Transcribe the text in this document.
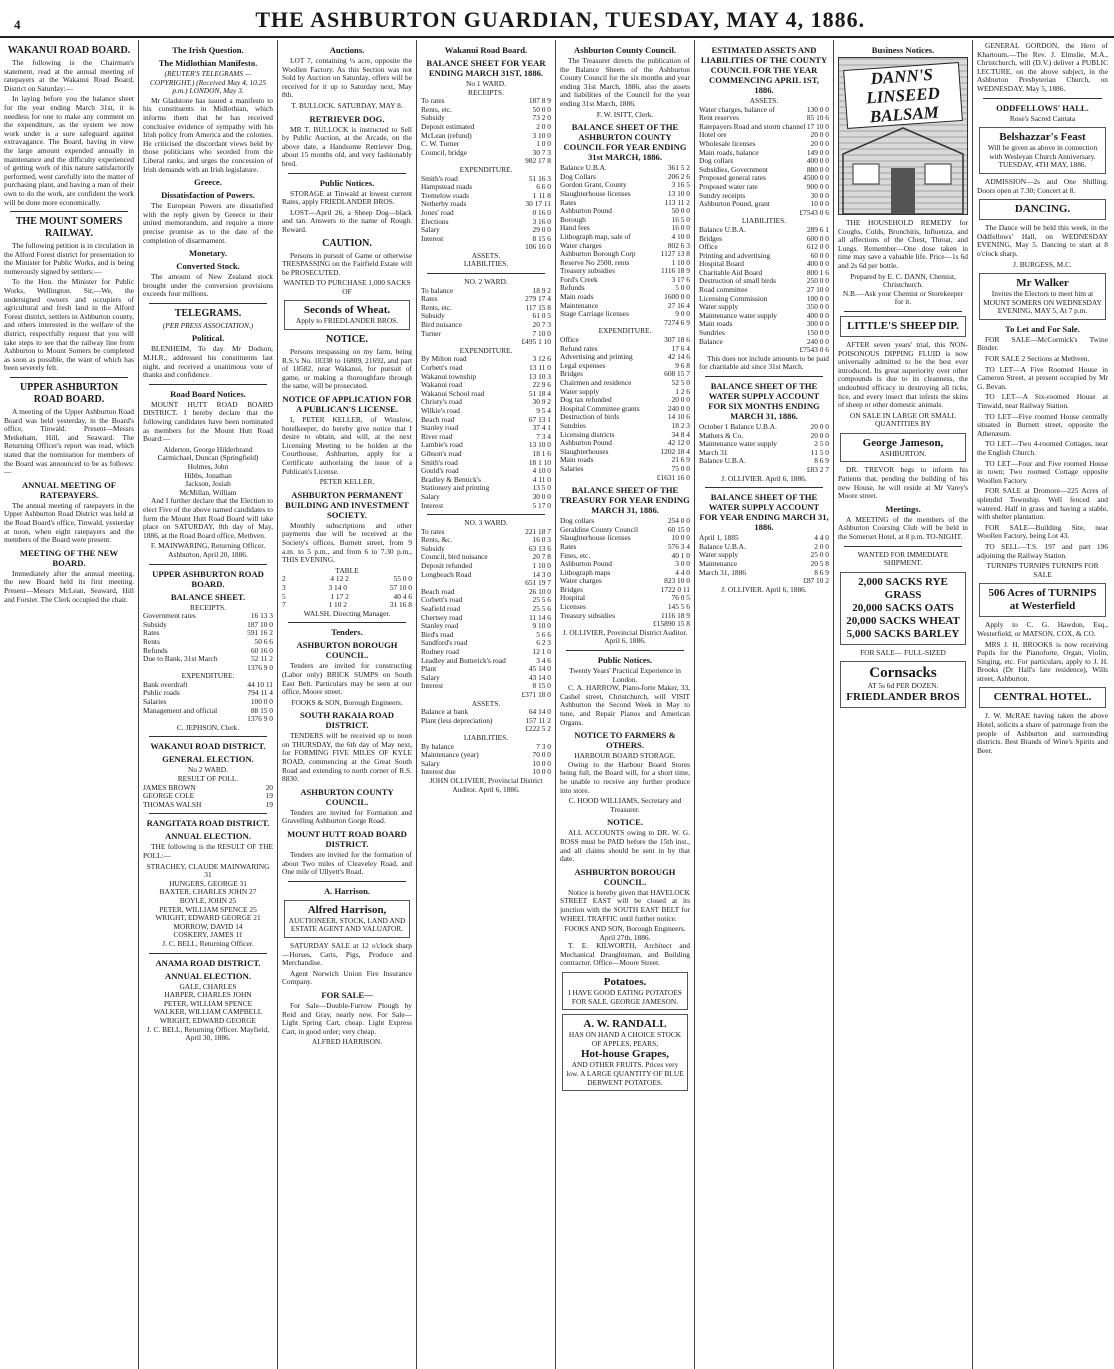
4	THE ASHBURTON GUARDIAN, TUESDAY, MAY 4, 1886.
WAKANUI ROAD BOARD.

The following is the Chairman's statement, read at the annual meeting of ratepayers at the Wakanui Road Board, District on Saturday:—

In laying before you the balance sheet for the year ending March 31st, it is needless for one to make any comment on the expenditure, as the system we now work under is a sure safeguard against extravagance. The Board, having in view the large amount expended annually in maintenance and the difficulty experienced of getting work of this nature satisfactorily performed, went carefully into the matter of purchasing plant, and having a man of their own to do the work, are confident the work will be done more economically.

THE MOUNT SOMERS RAILWAY.

The following petition is in circulation in the Alford Forest district for presentation to the Minister for Public Works, and is being numerously signed by settlers:—

To the Hon. the Minister for Public Works, Wellington. Sir,—We, the undersigned owners and occupiers of agricultural and fresh land in the Alford Forest district, settlers in Ashburton county, and others interested in the welfare of the district, respectfully request that you will take steps to see that the railway line from Ashburton to Mount Somers be completed as soon as possible, the want of which has been severely felt.

UPPER ASHBURTON ROAD BOARD.

A meeting of the Upper Ashburton Road Board was held yesterday, in the Board's office, Tinwald. Present—Messrs Meikeham, Hill, and Seaward. The Returning Officer's report was read, which stated that the nomination for members of the Board was announced to be as follows:—

ANNUAL MEETING OF RATEPAYERS.

The annual meeting of ratepayers in the Upper Ashburton Road District was held at the Road Board's office, Tinwald, yesterday at noon, when eight ratepayers and the members of the Board were present.

MEETING OF THE NEW BOARD.

Immediately after the annual meeting, the new Board held its first meeting. Present—Messrs McLean, Seaward, Hill and Forster. The Clerk occupied the chair.

The Irish Question.
The Midlothian Manifesto.
(REUTER'S TELEGRAMS — COPYRIGHT.) (Received May 4, 10.25 p.m.) LONDON, May 3.

Mr Gladstone has issued a manifesto to his constituents in Midlothian, which informs them that he has received conclusive evidence of sympathy with his Irish policy from America and the colonies. He criticised the discordant views held by those politicians who seceded from the Liberal ranks, and urges the concession of Irish demands with an Irish legislature.

Greece.
Dissatisfaction of Powers.

The European Powers are dissatisfied with the reply given by Greece to their united memorandum, and require a more precise promise as to the date of the completion of disarmament.

Monetary.
Converted Stock.

The amount of New Zealand stock brought under the conversion provisions exceeds four millions.

TELEGRAMS.
(PER PRESS ASSOCIATION.)
Political.

BLENHEIM, To day. Mr Dodson, M.H.R., addressed his constituents last night, and received a unanimous vote of thanks and confidence.

Road Board Notices.

MOUNT HUTT ROAD BOARD DISTRICT. I hereby declare that the following candidates have been nominated as members for the Mount Hutt Road Board:—

Alderton, George Hilderbrand
Carmichael, Duncan (Springfield)
Holmes, John
Hibbs, Jonathan
Jackson, Josiah
McMillan, William

And I further declare that the Election to elect Five of the above named candidates to form the Mount Hutt Road Board will take place on SATURDAY, 8th day of May, 1886, at the Road Board office, Methven.

F. MAINWARING, Returning Officer. Ashburton, April 20, 1886.
UPPER ASHBURTON ROAD BOARD.
BALANCE SHEET.
RECEIPTS.
Government rates	16 13 3
Subsidy	187 10 0
Rates	591 16 2
Rents	50 6 6
Refunds	60 16 0
Due to Bank, 31st March	52 11 2
1376 9 0
EXPENDITURE.
Bank overdraft	44 10 11
Public roads	794 11 4
Salaries	100 0 0
Management and official	88 15 0
1376 9 0
C. JEPHSON, Clerk.
WAKANUI ROAD DISTRICT.
GENERAL ELECTION.
No 2 WARD.
RESULT OF POLL.
JAMES BROWN	20
GEORGE COLE	19
THOMAS WALSH	19
RANGITATA ROAD DISTRICT.
ANNUAL ELECTION.

THE following is the RESULT OF THE POLL:—

STRACHEY, CLAUDE MAINWARING 31
HUNGERS, GEORGE 31
BAXTER, CHARLES JOHN 27
BOYLE, JOHN 25
PETER, WILLIAM SPENCE 25
WRIGHT, EDWARD GEORGE 21
MORROW, DAVID 14
COSKERY, JAMES 11
J. C. BELL, Returning Officer.
ANAMA ROAD DISTRICT.
ANNUAL ELECTION.
GALE, CHARLES
HARPER, CHARLES JOHN
PETER, WILLIAM SPENCE
WALKER, WILLIAM CAMPBELL
WRIGHT, EDWARD GEORGE
J. C. BELL, Returning Officer. Mayfield, April 30, 1886.
Auctions.

LOT 7, containing ¼ acre, opposite the Woollen Factory. As this Section was not Sold by Auction on Saturday, offers will be received for it up to Saturday next, May 8th.

T. BULLOCK. SATURDAY, MAY 8.
RETRIEVER DOG.

MR T. BULLOCK is instructed to Sell by Public Auction, at the Arcade, on the above date, a Handsome Retriever Dog, about 15 months old, and very fashionably bred.

Public Notices.

STORAGE at Tinwald at lowest current Rates, apply FRIEDLANDER BROS.

LOST—April 26, a Sheep Dog—black and tan. Answers to the name of Rough. Reward.

CAUTION.

Persons in pursuit of Game or otherwise TRESPASSING on the Fairfield Estate will be PROSECUTED.

WANTED TO PURCHASE 1,000 SACKS OF
Seconds of Wheat.
Apply to FRIEDLANDER BROS.
NOTICE.

Persons trespassing on my farm, being R.S.'s No. 18338 to 16809, 21692, and part of 18582, near Wakanui, for pursuit of game, or making a thoroughfare through the same, will be prosecuted.

NOTICE OF APPLICATION FOR A PUBLICAN'S LICENSE.

I, PETER KELLER, of Winslow, hotelkeeper, do hereby give notice that I desire to obtain, and will, at the next Licensing Meeting to be holden at the Courthouse, Ashburton, apply for a Certificate authorising the issue of a Publican's License.

PETER KELLER.
ASHBURTON PERMANENT BUILDING AND INVESTMENT SOCIETY.

Monthly subscriptions and other payments due will be received at the Society's offices, Burnett street, from 9 a.m. to 5 p.m., and from 6 to 7.30 p.m., THIS EVENING.

TABLE
2	4 12 2	55 0 0
3	3 14 0	57 10 0
5	1 17 2	40 4 6
7	1 10 2	31 16 8
WALSH, Directing Manager.
Tenders.
ASHBURTON BOROUGH COUNCIL.

Tenders are invited for constructing (Labor only) BRICK SUMPS on South East Belt. Particulars may be seen at our office, Moore street.

FOOKS & SON, Borough Engineers.
SOUTH RAKAIA ROAD DISTRICT.

TENDERS will be received up to noon on THURSDAY, the 6th day of May next, for FORMING FIVE MILES OF KYLE ROAD, commencing at the Great South Road and extending to north corner of R.S. 8830.

ASHBURTON COUNTY COUNCIL.

Tenders are invited for Formation and Gravelling Ashburton Gorge Road.

MOUNT HUTT ROAD BOARD DISTRICT.

Tenders are invited for the formation of about Two miles of Cleaveley Road, and One mile of Ullyett's Road.

A. Harrison.
Alfred Harrison,
AUCTIONEER, STOCK, LAND AND ESTATE AGENT AND VALUATOR.

SATURDAY SALE at 12 o'clock sharp—Horses, Carts, Pigs, Produce and Merchandise.

Agent Norwich Union Fire Insurance Company.

FOR SALE—

For Sale—Double-Furrow Plough by Reid and Gray, nearly new. For Sale—Light Spring Cart, cheap. Light Express Cart, in good order; very cheap.

ALFRED HARRISON.
Wakanui Road Board.
BALANCE SHEET FOR YEAR ENDING MARCH 31ST, 1886.
No 1 WARD.
RECEIPTS.
To rates	187 8 9
Rents, etc.	50 0 0
Subsidy	73 2 0
Deposit estimated	2 0 0
McLean (refund)	3 10 0
C. W. Turner	1 0 0
Council, bridge	30 7 3
982 17 8
EXPENDITURE.
Smith's road	51 16 3
Hampstead roads	6 6 0
Tremelow roads	1 11 8
Netherby roads	30 17 11
Jones' road	0 16 0
Elections	3 16 0
Salary	29 0 0
Interest	8 15 6
106 16 0
ASSETS.
LIABILITIES.
NO. 2 WARD.
To balance	18 9 2
Rates	279 17 4
Rents, etc.	117 15 8
Subsidy	61 0 5
Bird nuisance	20 7 3
Turner	7 10 0
£495 1 10
EXPENDITURE.
By Milton road	3 12 6
Corbett's road	13 11 0
Wakanui township	13 10 3
Wakanui road	22 9 6
Wakanui School road	51 18 4
Christy's road	30 9 2
Wilkie's road	9 5 4
Beach road	67 13 1
Stanley road	37 4 1
River road	7 3 4
Lambie's road	13 10 0
Gibson's road	18 1 6
Smith's road	18 1 10
Gould's road	4 10 0
Bradley & Bentick's	4 11 0
Stationery and printing	13 5 0
Salary	30 0 0
Interest	5 17 0
NO. 3 WARD.
To rates	221 18 7
Rents, &c.	16 0 3
Subsidy	63 13 6
Council, bird nuisance	20 7 8
Deposit refunded	1 10 0
Longbeach Road	14 3 0
651 19 7
Beach road	26 10 0
Corbett's road	25 5 6
Seafield road	25 5 6
Chertsey road	11 14 6
Stanley road	9 10 0
Bird's road	5 6 6
Sandford's road	6 2 3
Rodney road	12 1 0
Leadley and Butterick's road	3 4 6
Plant	45 14 0
Salary	43 14 0
Interest	8 15 0
£371 18 0
ASSETS.
Balance at bank	64 14 0
Plant (less depreciation)	157 11 2
£222 5 2
LIABILITIES.
By balance	7 3 0
Maintenance (year)	70 0 0
Salary	10 0 0
Interest due	10 0 0
JOHN OLLIVIER, Provincial District Auditor. April 6, 1886.
Ashburton County Council.

The Treasurer directs the publication of the Balance Sheets of the Ashburton County Council for the six months and year ending 31st March, 1886, also the assets and liabilities of the Council for the year ending 31st March, 1886.

F. W. ISITT, Clerk.
BALANCE SHEET OF THE ASHBURTON COUNTY COUNCIL FOR YEAR ENDING 31st MARCH, 1886.
Balance U.B.A.	361 5 2
Dog Collars	206 2 6
Gordon Grant, County	3 16 5
Slaughterhouse licenses	13 10 0
Rates	113 11 2
Ashburton Pound	50 0 0
Borough	16 5 0
Hand fees	16 0 0
Lithograph map, sale of	4 10 0
Water charges	802 6 3
Ashburton Borough Corp	1127 13 8
Reserve No 2500, rents	1 10 0
Treasury subsidies	1116 18 9
Ford's Creek	3 17 6
Refunds	5 0 0
Main roads	1600 0 0
Maintenance	27 16 4
Stage Carriage licenses	9 0 0
7274 6 9
EXPENDITURE.
Office	307 18 6
Refund rates	17 6 4
Advertising and printing	42 14 6
Legal expenses	9 6 8
Bridges	608 15 7
Chairmen and residence	52 5 0
Water supply	1 2 6
Dog tax refunded	20 0 0
Hospital Committee grants	240 0 0
Destruction of birds	14 10 6
Sundries	18 2 3
Licensing districts	34 8 4
Ashburton Pound	42 12 0
Slaughterhouses	1202 18 4
Main roads	21 6 9
Salaries	75 0 0
£1631 16 0
BALANCE SHEET OF THE TREASURY FOR YEAR ENDING MARCH 31, 1886.
Dog collars	254 0 0
Geraldine County Council	60 15 0
Slaughterhouse licenses	10 0 0
Rates	576 3 4
Fines, etc.	40 1 0
Ashburton Pound	3 0 0
Lithograph maps	4 4 0
Water charges	823 10 0
Bridges	1722 0 11
Hospital	76 0 5
Licenses	145 5 6
Treasury subsidies	1116 18 9
£15890 15 8
J. OLLIVIER, Provincial District Auditor. April 6, 1886.
Public Notices.
Twenty Years' Practical Experience in London.

C. A. HARROW, Piano-forte Maker, 33, Cashel street, Christchurch, will VISIT Ashburton the Second Week in May to tune, and Repair Pianos and American Organs.

NOTICE TO FARMERS & OTHERS.
HARBOUR BOARD STORAGE.

Owing to the Harbour Board Stores being full, the Board will, for a short time, be unable to receive any further produce into store.

C. HOOD WILLIAMS, Secretary and Treasurer.
NOTICE.

ALL ACCOUNTS owing to DR. W. G. ROSS must be PAID before the 15th inst., and all claims should be sent in by that date.

ASHBURTON BOROUGH COUNCIL.

Notice is hereby given that HAVELOCK STREET EAST will be closed at its junction with the SOUTH EAST BELT for WHEEL TRAFFIC until further notice.

FOOKS AND SON, Borough Engineers. April 27th, 1886.

T. E. KILWORTH, Architect and Mechanical Draughtsman, and Building contractor. Office—Moore Street.

Potatoes.
I HAVE GOOD EATING POTATOES FOR SALE. GEORGE JAMESON.
A. W. RANDALL
HAS ON HAND A CHOICE STOCK OF APPLES, PEARS,
Hot-house Grapes,
AND OTHER FRUITS. Prices very low. A LARGE QUANTITY OF BLUE DERWENT POTATOES.
ESTIMATED ASSETS AND LIABILITIES OF THE COUNTY COUNCIL FOR THE YEAR COMMENCING APRIL 1ST, 1886.
ASSETS.
Water charges, balance of	130 0 0
Rent reserves	85 10 6
Ratepayers Road and storm channel 17 10 0
Hotel ore	20 0 0
Wholesale licenses	20 0 0
Main roads, balance	149 0 0
Dog collars	400 0 0
Subsidies, Government	880 0 0
Proposed general rates	4500 0 0
Proposed water rate	900 0 0
Sundry receipts	30 0 0
Ashburton Pound, grant	10 0 0
£7543 0 6
LIABILITIES.
Balance U.B.A.	289 6 1
Bridges	600 0 0
Office	612 0 0
Printing and advertising	60 0 0
Hospital Board	400 0 0
Charitable Aid Board	800 1 6
Destruction of small birds	250 0 0
Road committee	27 10 0
Licensing Commission	100 0 0
Water supply	350 0 0
Maintenance water supply	400 0 0
Main roads	300 0 0
Sundries	150 0 0
Balance	240 0 0
£7543 0 6

This does not include amounts to be paid for charitable aid since 31st March.

BALANCE SHEET OF THE WATER SUPPLY ACCOUNT FOR SIX MONTHS ENDING MARCH 31, 1886.
October 1 Balance U.B.A.	20 0 0
Mathers & Co.	20 0 0
Maintenance water supply	2 5 0
March 31	11 5 0
Balance U.B.A.	8 6 9
£83 2 7
J. OLLIVIER. April 6, 1886.
BALANCE SHEET OF THE WATER SUPPLY ACCOUNT FOR YEAR ENDING MARCH 31, 1886.
April 1, 1885	4 4 0
Balance U.B.A.	2 0 0
Water supply	25 0 0
Maintenance	20 5 8
March 31, 1886	8 6 9
£87 10 2
J. OLLIVIER. April 6, 1886.
Business Notices.
DANN'S LINSEED BALSAM

THE HOUSEHOLD REMEDY for Coughs, Colds, Bronchitis, Influenza, and all affections of the Chest, Throat, and Lungs. Remember—One dose taken in time may save a valuable life. Price—1s 6d and 2s 6d per bottle.

Prepared by E. C. DANN, Chemist, Christchurch.
N.B.—Ask your Chemist or Storekeeper for it.
LITTLE'S SHEEP DIP.

AFTER seven years' trial, this NON-POISONOUS DIPPING FLUID is now universally admitted to be the best ever introduced. Its great superiority over other compounds is due to its cleanness, the undoubted efficacy in destroying all ticks, lice, and every insect that infests the skins of sheep or other domestic animals.

ON SALE IN LARGE OR SMALL QUANTITIES BY
George Jameson,
ASHBURTON.

DR. TREVOR begs to inform his Patients that, pending the building of his new House, he will reside at Mr Varey's Moore street.

Meetings.

A MEETING of the members of the Ashburton Coursing Club will be held in the Somerset Hotel, at 8 p.m. TO-NIGHT.

WANTED FOR IMMEDIATE SHIPMENT.
2,000 SACKS RYE GRASS
20,000 SACKS OATS
20,000 SACKS WHEAT
5,000 SACKS BARLEY
FOR SALE— FULL-SIZED
Cornsacks
AT 5s 6d PER DOZEN.
FRIEDLANDER BROS

GENERAL GORDON, the Hero of Khartoum.—The Rev. J. Elmslie, M.A., Christchurch, will (D.V.) deliver a PUBLIC LECTURE, on the above subject, in the Ashburton Presbyterian Church, on WEDNESDAY, May 5, 1886.

ODDFELLOWS' HALL.
Rose's Sacred Cantata
Belshazzar's Feast
Will be given as above in connection with Wesleyan Church Anniversary.
TUESDAY, 4TH MAY, 1886.

ADMISSION—2s and One Shilling. Doors open at 7.30; Concert at 8.

DANCING.

The Dance will be held this week, in the Oddfellows' Hall, on WEDNESDAY EVENING, May 5. Dancing to start at 8 o'clock sharp.

J. BURGESS, M.C.
Mr Walker
Invites the Electors to meet him at MOUNT SOMERS ON WEDNESDAY EVENING, MAY 5, At 7 p.m.
To Let and For Sale.

FOR SALE—McCormick's Twine Binder.

FOR SALE 2 Sections at Methven.

TO LET—A Five Roomed House in Cameron Street, at present occupied by Mr G. Bevan.

TO LET—A Six-roomed House at Tinwald, near Railway Station.

TO LET—Five roomed House centrally situated in Burnett street, opposite the Athenæum.

TO LET—Two 4-roomed Cottages, near the English Church.

TO LET—Four and Five roomed House in town; Two roomed Cottage opposite Woollen Factory.

FOR SALE at Dromore—225 Acres of splendid Township. Well fenced and watered. Half in grass and having a stable, with shelter plantation.

FOR SALE—Building Site, near Woollen Factory, being Lot 43.

TO SELL—T.S. 197 and part 196 adjoining the Railway Station.

TURNIPS TURNIPS TURNIPS FOR SALE
506 Acres of TURNIPS at Westerfield

Apply to C. G. Hawdon, Esq., Westerfield, or MATSON, COX, & CO.

MRS J. H. BROOKS is now receiving Pupils for the Pianoforte, Organ, Violin, Singing, etc. For particulars, apply to J. H. Brooks (Dr Hall's late residence), Wills street, Ashburton.

CENTRAL HOTEL.

J. W. McRAE having taken the above Hotel, solicits a share of patronage from the people of Ashburton and surrounding districts. Best Brands of Wine's Spirits and Beer.
